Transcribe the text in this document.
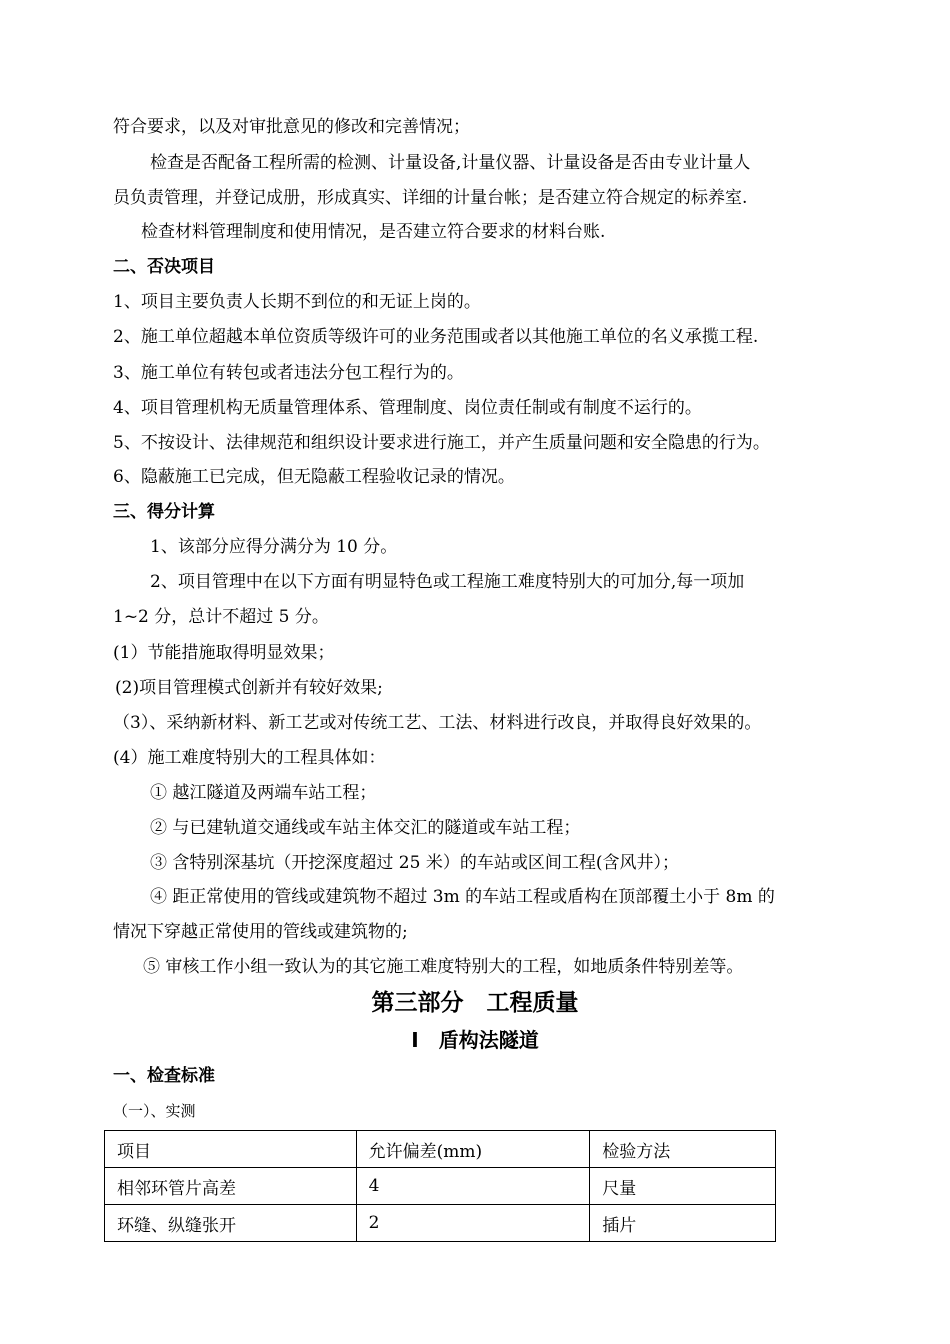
符合要求，以及对审批意见的修改和完善情况；
检查是否配备工程所需的检测、计量设备,计量仪器、计量设备是否由专业计量人
员负责管理，并登记成册，形成真实、详细的计量台帐；是否建立符合规定的标养室.
检查材料管理制度和使用情况，是否建立符合要求的材料台账.
二、否决项目
1、项目主要负责人长期不到位的和无证上岗的。
2、施工单位超越本单位资质等级许可的业务范围或者以其他施工单位的名义承揽工程.
3、施工单位有转包或者违法分包工程行为的。
4、项目管理机构无质量管理体系、管理制度、岗位责任制或有制度不运行的。
5、不按设计、法律规范和组织设计要求进行施工，并产生质量问题和安全隐患的行为。
6、隐蔽施工已完成，但无隐蔽工程验收记录的情况。
三、得分计算
1、该部分应得分满分为 10 分。
2、项目管理中在以下方面有明显特色或工程施工难度特别大的可加分,每一项加
1~2 分，总计不超过 5 分。
(1）节能措施取得明显效果；
(2)项目管理模式创新并有较好效果;
（3）、采纳新材料、新工艺或对传统工艺、工法、材料进行改良，并取得良好效果的。
(4）施工难度特别大的工程具体如：
① 越江隧道及两端车站工程；
② 与已建轨道交通线或车站主体交汇的隧道或车站工程；
③ 含特别深基坑（开挖深度超过 25 米）的车站或区间工程(含风井）；
④ 距正常使用的管线或建筑物不超过 3m 的车站工程或盾构在顶部覆土小于 8m 的
情况下穿越正常使用的管线或建筑物的;
⑤ 审核工作小组一致认为的其它施工难度特别大的工程，如地质条件特别差等。
第三部分　工程质量
Ⅰ　盾构法隧道
一、检查标准
（一）、实测
项目	允许偏差(mm)	检验方法
相邻环管片高差	4	尺量
环缝、纵缝张开	2	插片
